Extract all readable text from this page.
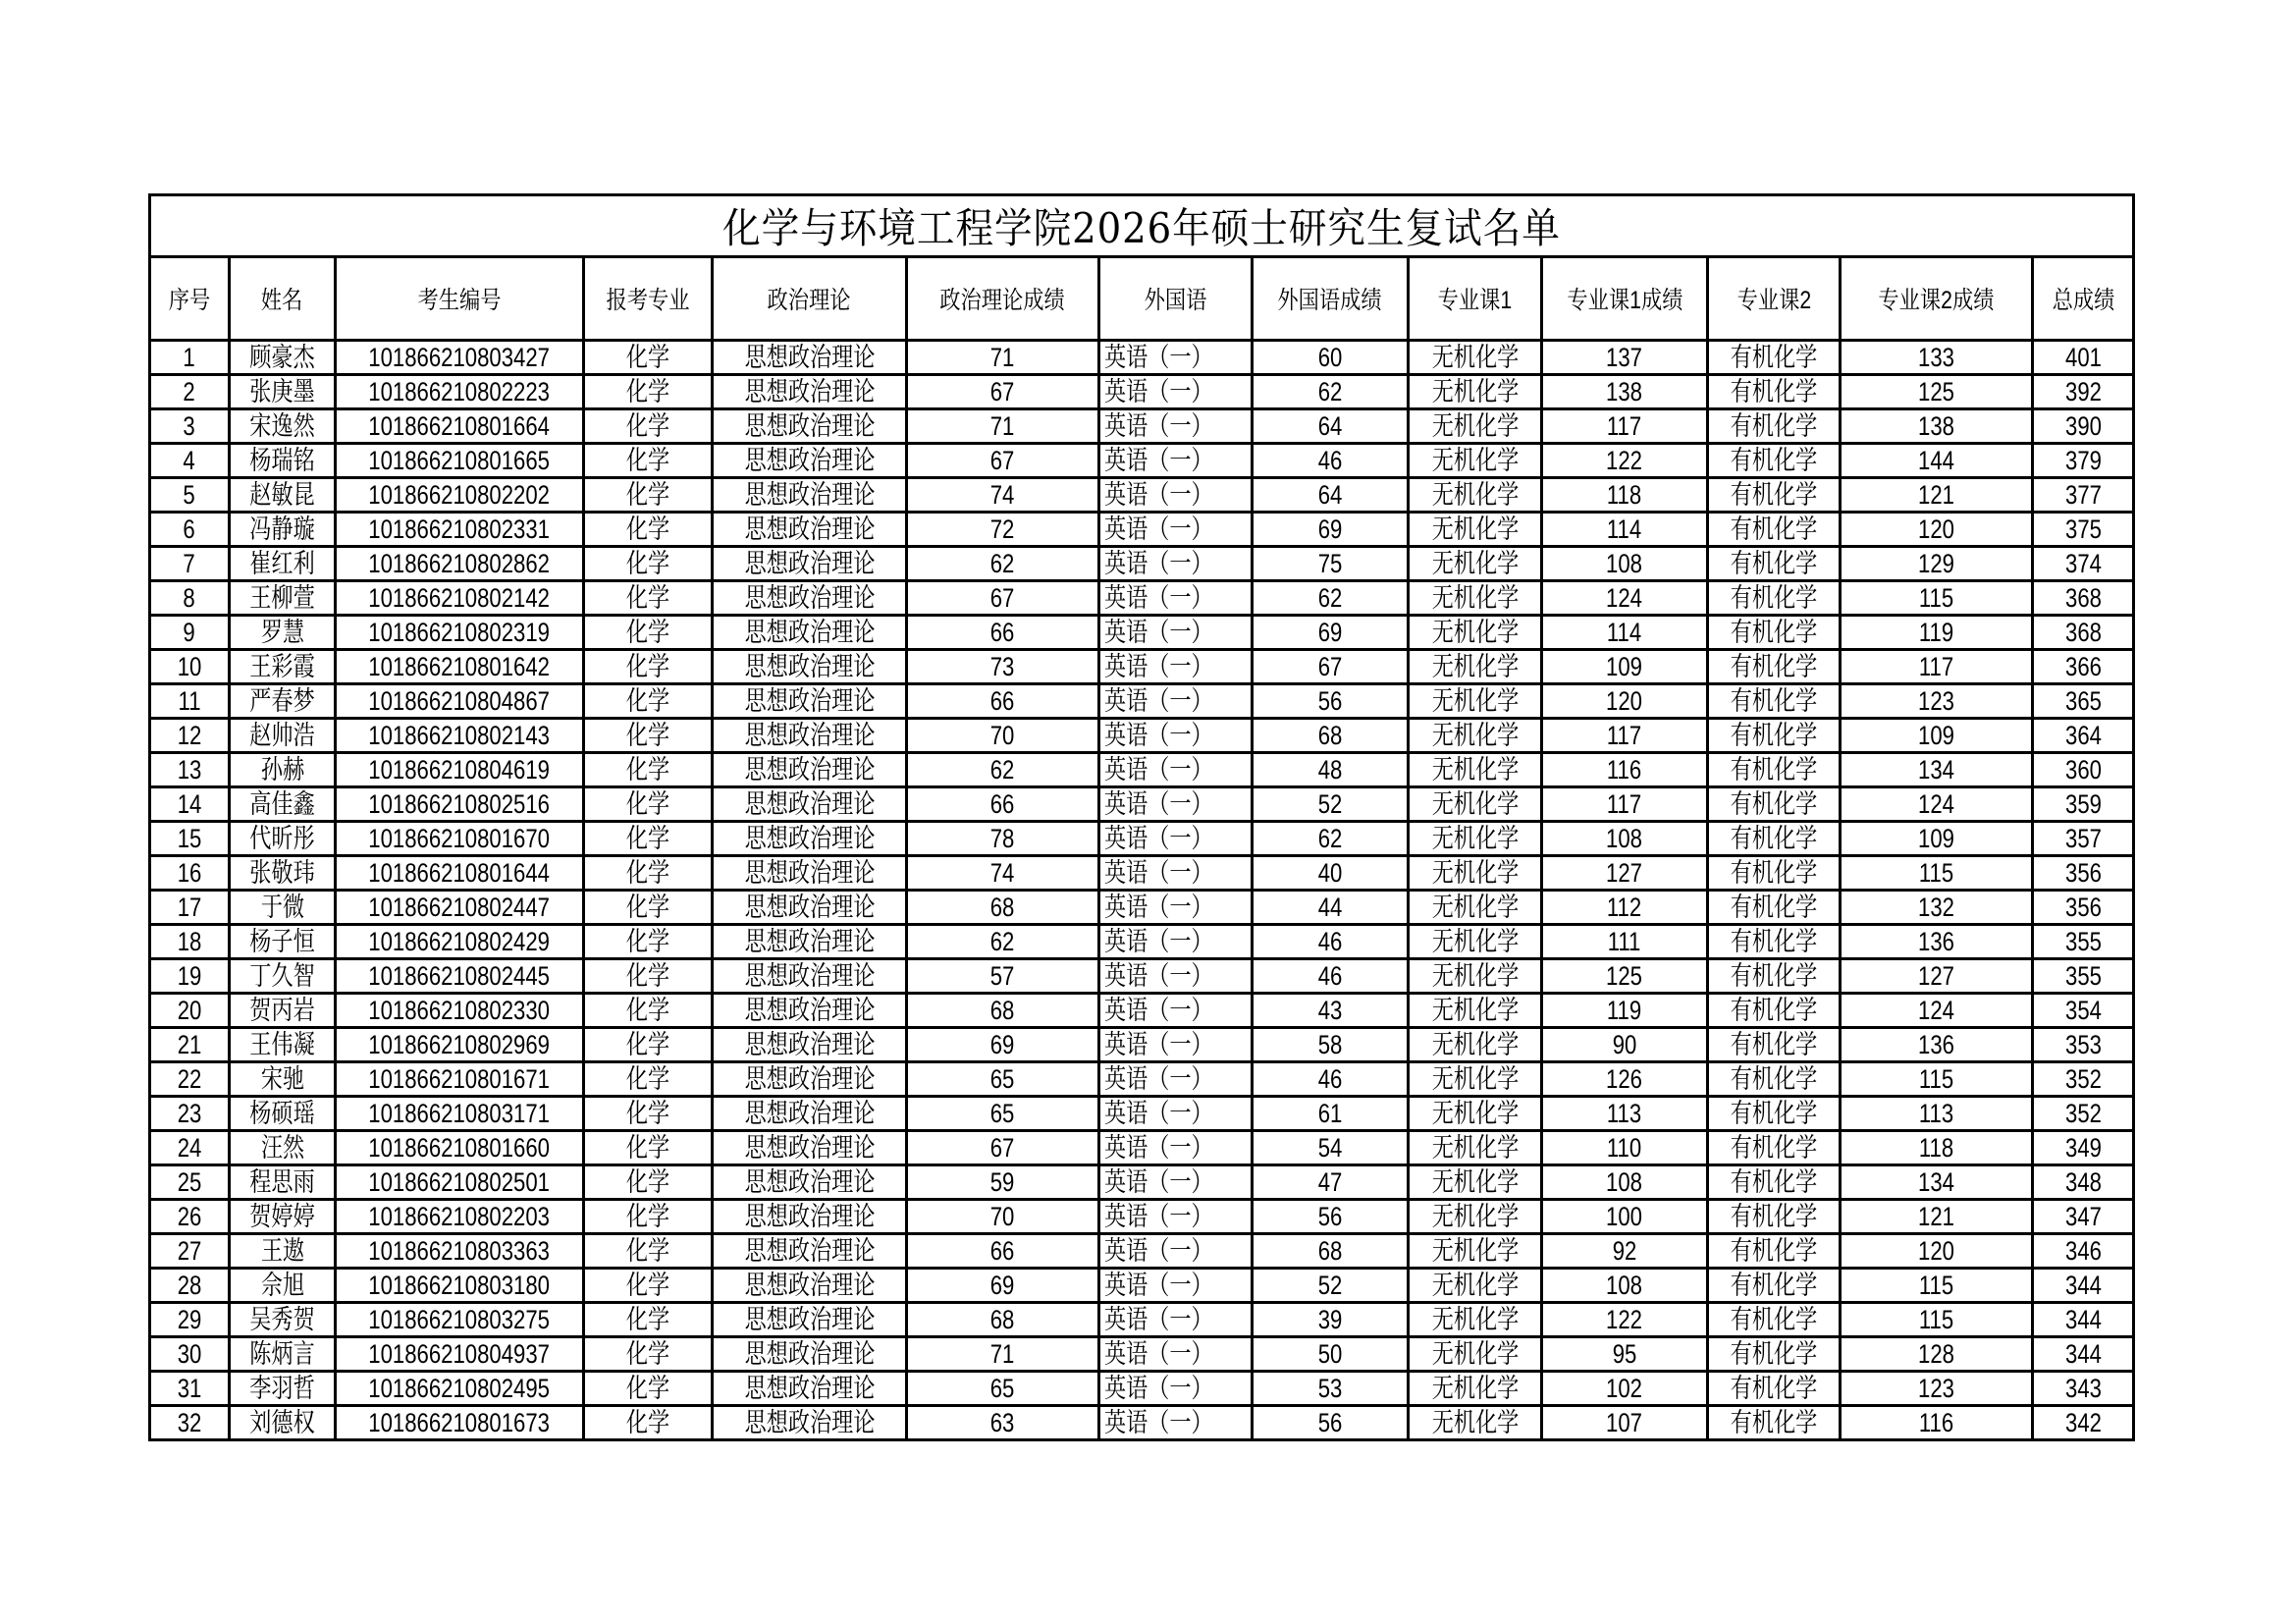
化学与环境工程学院2026年硕士研究生复试名单												
序号	姓名	考生编号	报考专业	政治理论	政治理论成绩	外国语	外国语成绩	专业课1	专业课1成绩	专业课2	专业课2成绩	总成绩
1	顾豪杰	101866210803427	化学	思想政治理论	71	英语（一）	60	无机化学	137	有机化学	133	401
2	张庚墨	101866210802223	化学	思想政治理论	67	英语（一）	62	无机化学	138	有机化学	125	392
3	宋逸然	101866210801664	化学	思想政治理论	71	英语（一）	64	无机化学	117	有机化学	138	390
4	杨瑞铭	101866210801665	化学	思想政治理论	67	英语（一）	46	无机化学	122	有机化学	144	379
5	赵敏昆	101866210802202	化学	思想政治理论	74	英语（一）	64	无机化学	118	有机化学	121	377
6	冯静璇	101866210802331	化学	思想政治理论	72	英语（一）	69	无机化学	114	有机化学	120	375
7	崔红利	101866210802862	化学	思想政治理论	62	英语（一）	75	无机化学	108	有机化学	129	374
8	王柳萱	101866210802142	化学	思想政治理论	67	英语（一）	62	无机化学	124	有机化学	115	368
9	罗慧	101866210802319	化学	思想政治理论	66	英语（一）	69	无机化学	114	有机化学	119	368
10	王彩霞	101866210801642	化学	思想政治理论	73	英语（一）	67	无机化学	109	有机化学	117	366
11	严春梦	101866210804867	化学	思想政治理论	66	英语（一）	56	无机化学	120	有机化学	123	365
12	赵帅浩	101866210802143	化学	思想政治理论	70	英语（一）	68	无机化学	117	有机化学	109	364
13	孙赫	101866210804619	化学	思想政治理论	62	英语（一）	48	无机化学	116	有机化学	134	360
14	高佳鑫	101866210802516	化学	思想政治理论	66	英语（一）	52	无机化学	117	有机化学	124	359
15	代昕彤	101866210801670	化学	思想政治理论	78	英语（一）	62	无机化学	108	有机化学	109	357
16	张敬玮	101866210801644	化学	思想政治理论	74	英语（一）	40	无机化学	127	有机化学	115	356
17	于微	101866210802447	化学	思想政治理论	68	英语（一）	44	无机化学	112	有机化学	132	356
18	杨子恒	101866210802429	化学	思想政治理论	62	英语（一）	46	无机化学	111	有机化学	136	355
19	丁久智	101866210802445	化学	思想政治理论	57	英语（一）	46	无机化学	125	有机化学	127	355
20	贺丙岩	101866210802330	化学	思想政治理论	68	英语（一）	43	无机化学	119	有机化学	124	354
21	王伟凝	101866210802969	化学	思想政治理论	69	英语（一）	58	无机化学	90	有机化学	136	353
22	宋驰	101866210801671	化学	思想政治理论	65	英语（一）	46	无机化学	126	有机化学	115	352
23	杨硕瑶	101866210803171	化学	思想政治理论	65	英语（一）	61	无机化学	113	有机化学	113	352
24	汪然	101866210801660	化学	思想政治理论	67	英语（一）	54	无机化学	110	有机化学	118	349
25	程思雨	101866210802501	化学	思想政治理论	59	英语（一）	47	无机化学	108	有机化学	134	348
26	贺婷婷	101866210802203	化学	思想政治理论	70	英语（一）	56	无机化学	100	有机化学	121	347
27	王遨	101866210803363	化学	思想政治理论	66	英语（一）	68	无机化学	92	有机化学	120	346
28	佘旭	101866210803180	化学	思想政治理论	69	英语（一）	52	无机化学	108	有机化学	115	344
29	吴秀贺	101866210803275	化学	思想政治理论	68	英语（一）	39	无机化学	122	有机化学	115	344
30	陈炳言	101866210804937	化学	思想政治理论	71	英语（一）	50	无机化学	95	有机化学	128	344
31	李羽哲	101866210802495	化学	思想政治理论	65	英语（一）	53	无机化学	102	有机化学	123	343
32	刘德权	101866210801673	化学	思想政治理论	63	英语（一）	56	无机化学	107	有机化学	116	342
